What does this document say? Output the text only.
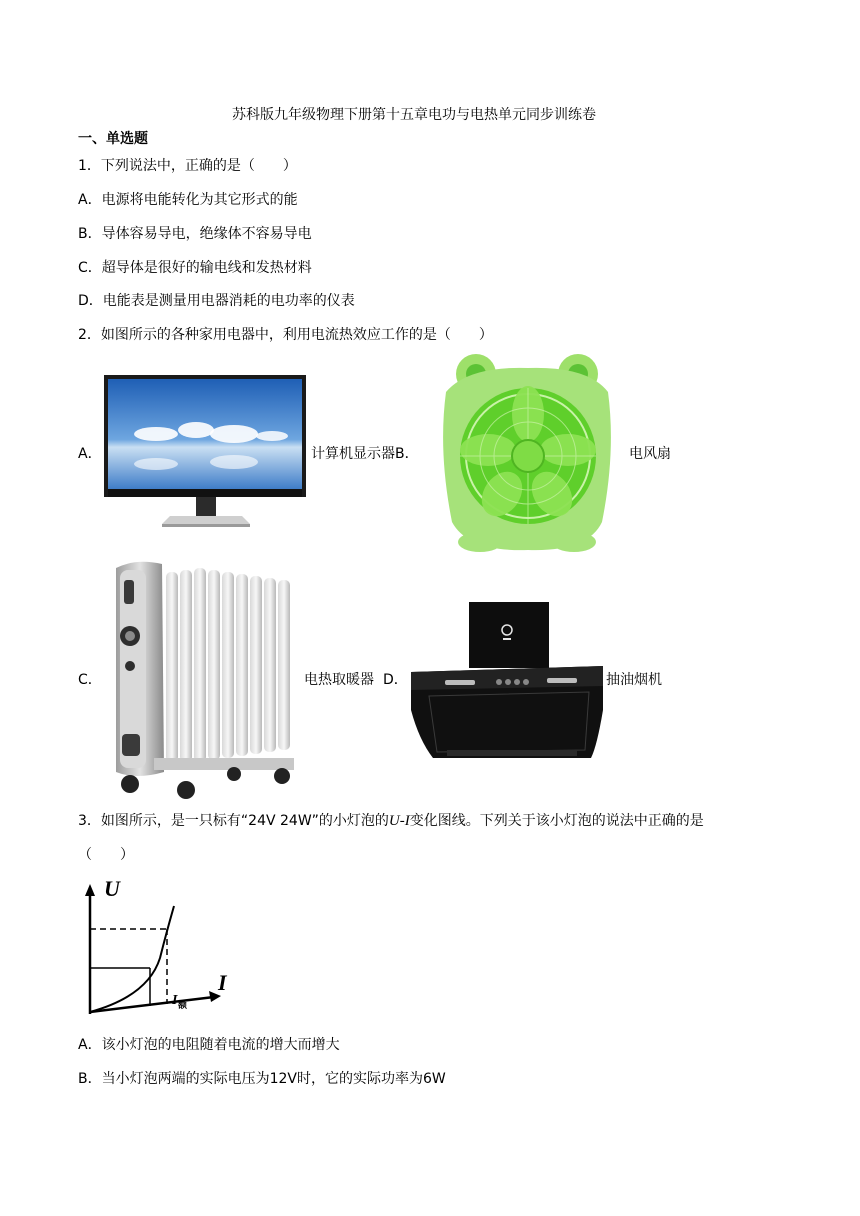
苏科版九年级物理下册第十五章电功与电热单元同步训练卷
一、单选题
1．下列说法中，正确的是（　　）
A．电源将电能转化为其它形式的能
B．导体容易导电，绝缘体不容易导电
C．超导体是很好的输电线和发热材料
D．电能表是测量用电器消耗的电功率的仪表
2．如图所示的各种家用电器中，利用电流热效应工作的是（　　）
A．	计算机显示器 B．	电风扇
C．	电热取暖器 D．	抽油烟机
3．如图所示，是一只标有“24V 24W”的小灯泡的U-I变化图线。下列关于该小灯泡的说法中正确的是
（　　）
U
I
I 额
A．该小灯泡的电阻随着电流的增大而增大
B．当小灯泡两端的实际电压为12V时，它的实际功率为6W
